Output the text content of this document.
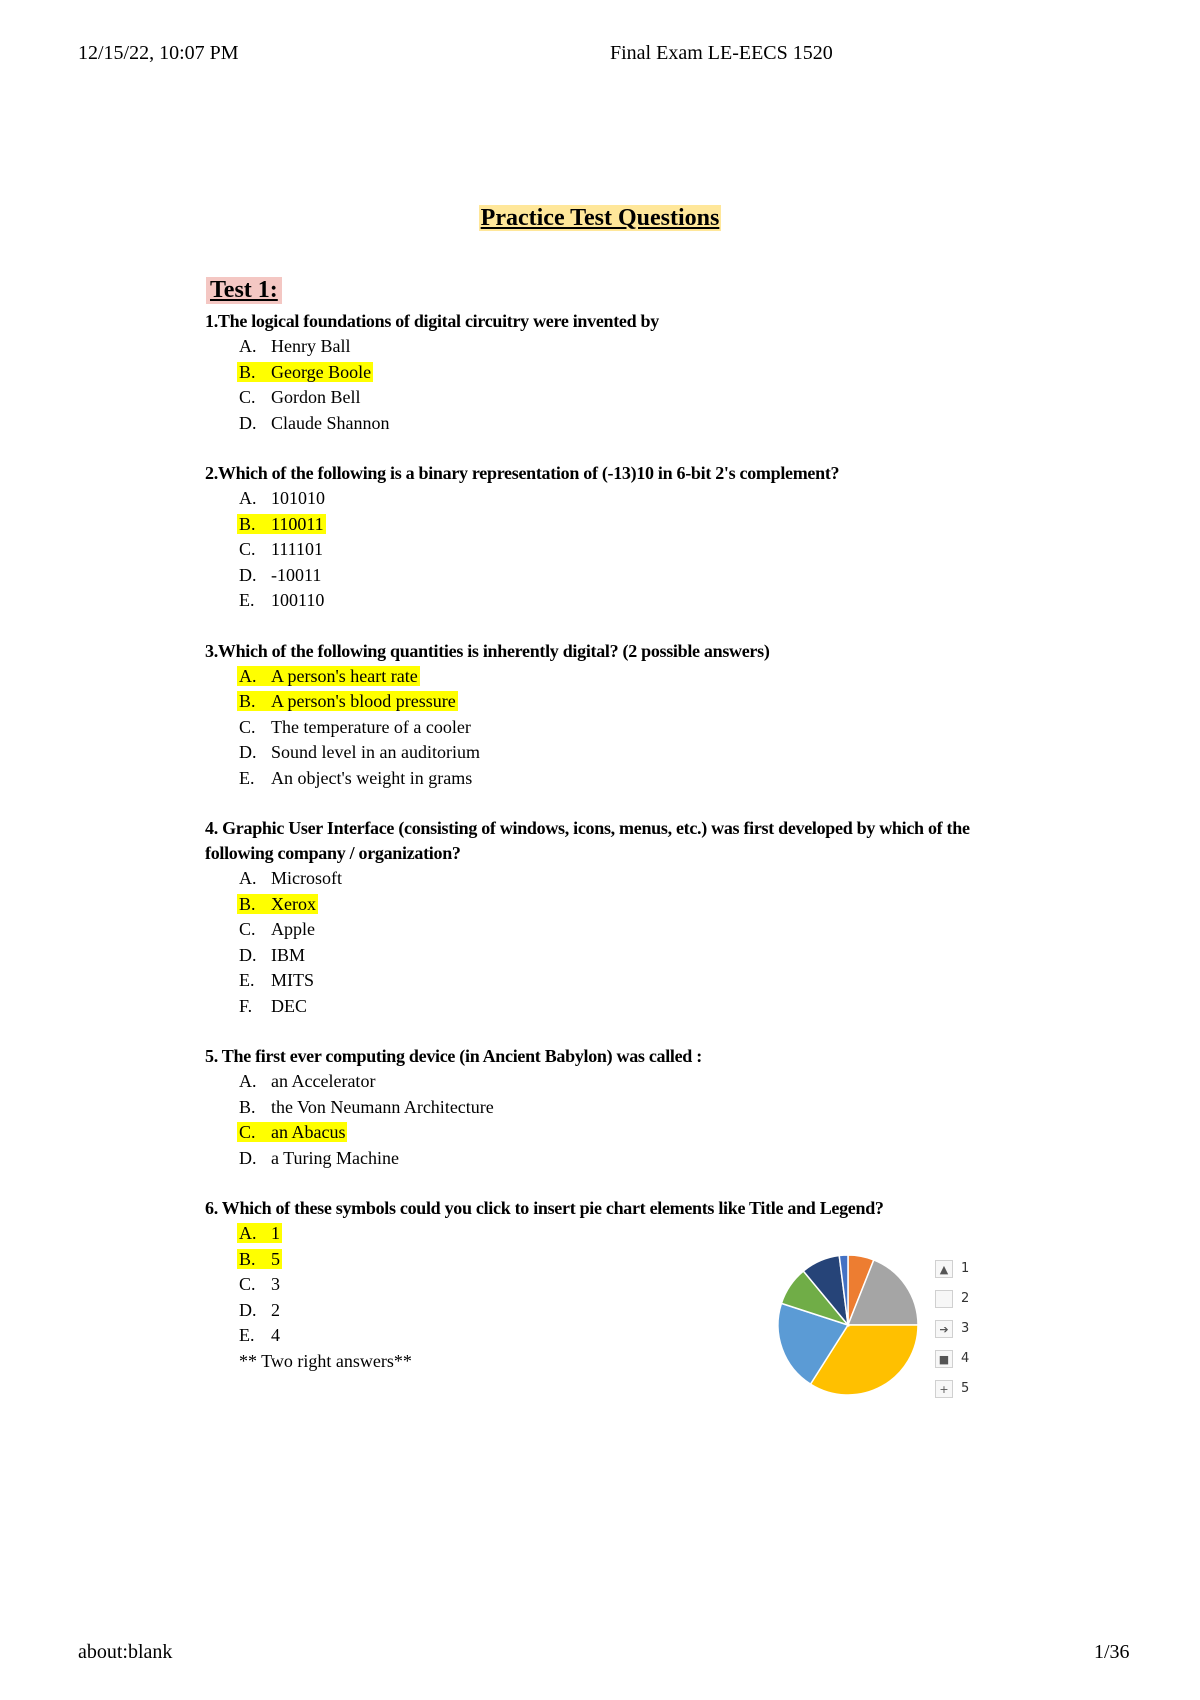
12/15/22, 10:07 PM	Final Exam LE-EECS 1520
Practice Test Questions
Test 1:
1.The logical foundations of digital circuitry were invented by
A. Henry Ball
B. George Boole
C. Gordon Bell
D. Claude Shannon
2.Which of the following is a binary representation of (-13)10 in 6-bit 2's complement?
A. 101010
B. 110011
C. 111101
D. -10011
E. 100110
3.Which of the following quantities is inherently digital? (2 possible answers)
A. A person's heart rate
B. A person's blood pressure
C. The temperature of a cooler
D. Sound level in an auditorium
E. An object's weight in grams
4. Graphic User Interface (consisting of windows, icons, menus, etc.) was first developed by which of the following company / organization?
A. Microsoft
B. Xerox
C. Apple
D. IBM
E. MITS
F. DEC
5. The first ever computing device (in Ancient Babylon) was called :
A. an Accelerator
B. the Von Neumann Architecture
C. an Abacus
D. a Turing Machine
6. Which of these symbols could you click to insert pie chart elements like Title and Legend?
A. 1
B. 5
C. 3
D. 2
E. 4
** Two right answers**
▲ 1
2
➔ 3
■ 4
+ 5
about:blank	1/36
